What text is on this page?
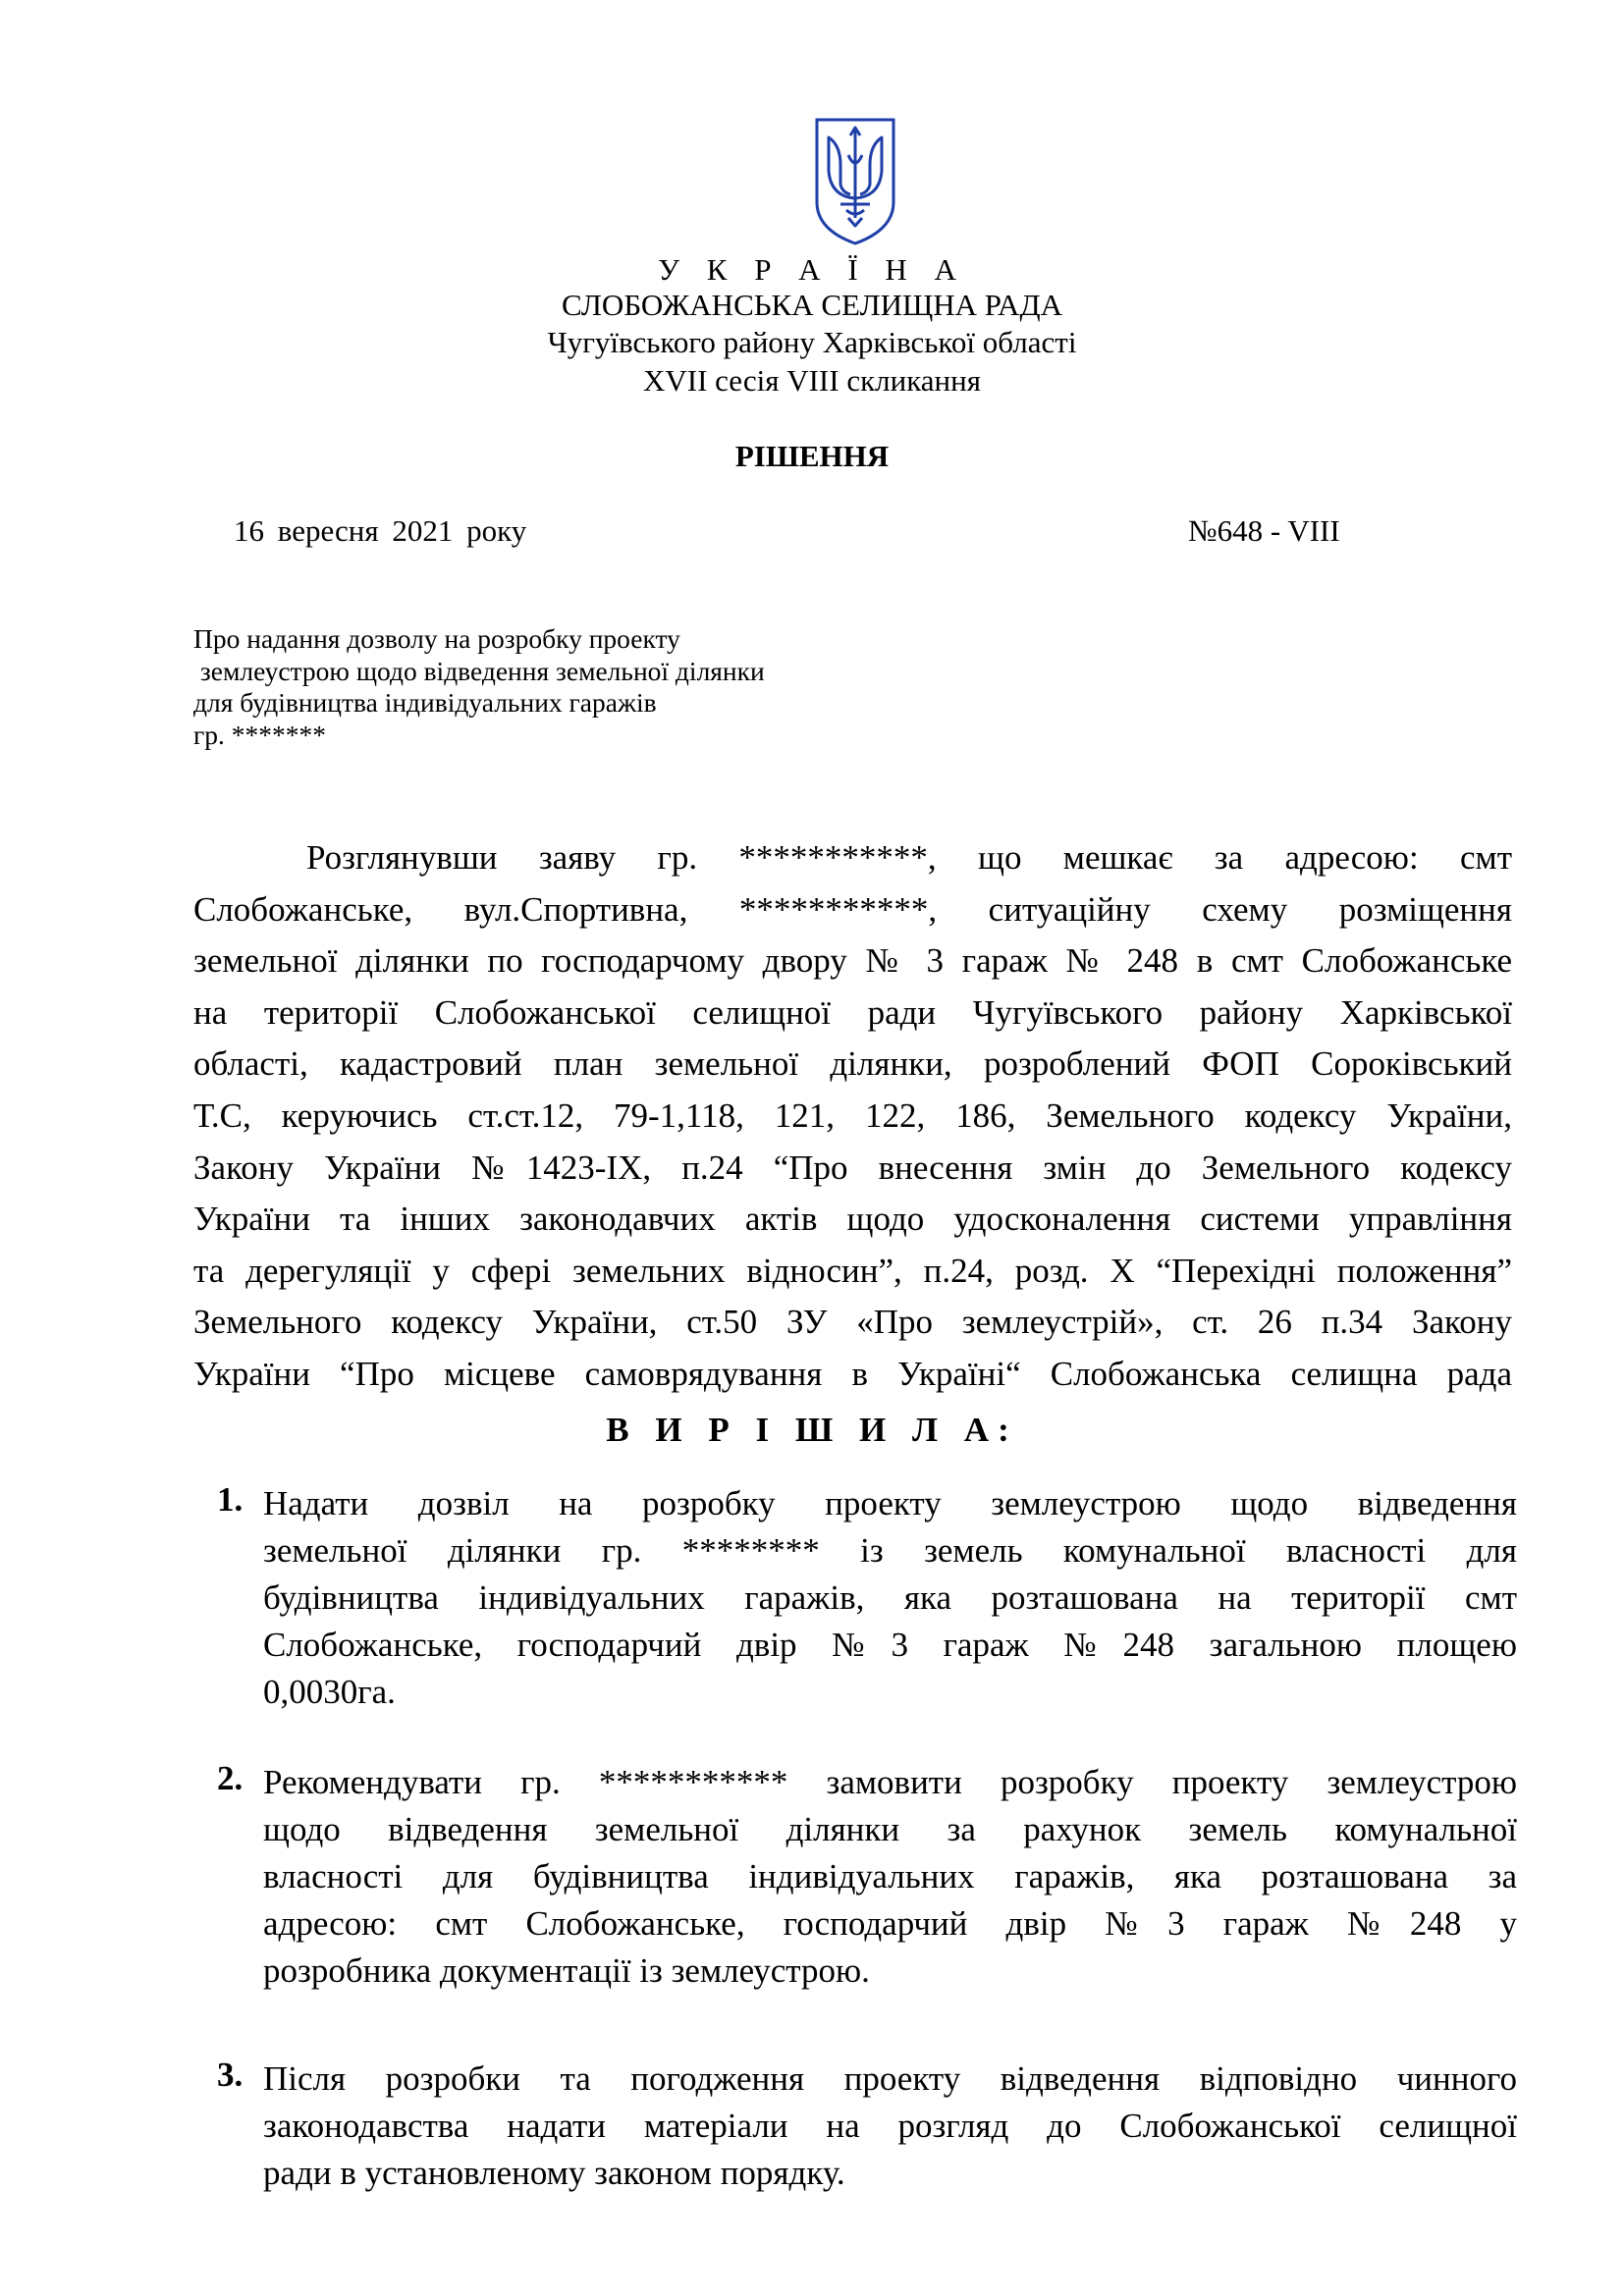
У К Р А Ї Н А
СЛОБОЖАНСЬКА СЕЛИЩНА РАДА
Чугуївського району Харківської області
XVII сесія VIII скликання
РІШЕННЯ
16 вересня 2021 року	№648 - VIII
Про надання дозволу на розробку проекту
землеустрою щодо відведення земельної ділянки
для будівництва індивідуальних гаражів
гр. *******
Розглянувши заяву гр. ***********, що мешкає за адресою: смт
Слобожанське, вул.Спортивна, ***********, ситуаційну схему розміщення
земельної ділянки по господарчому двору № 3 гараж № 248 в смт Слобожанське
на території Слобожанської селищної ради Чугуївського району Харківської
області, кадастровий план земельної ділянки, розроблений ФОП Сороківський
Т.С, керуючись ст.ст.12, 79-1,118, 121, 122, 186, Земельного кодексу України,
Закону України №1423-IX, п.24 “Про внесення змін до Земельного кодексу
України та інших законодавчих актів щодо удосконалення системи управління
та дерегуляції у сфері земельних відносин”, п.24, розд. X “Перехідні положення”
Земельного кодексу України, ст.50 ЗУ «Про землеустрій», ст. 26 п.34 Закону
України “Про місцеве самоврядування в Україні“ Слобожанська селищна рада
В И Р І Ш И Л А:
1. Надати дозвіл на розробку проекту землеустрою щодо відведення
земельної ділянки гр. ******** із земель комунальної власності для
будівництва індивідуальних гаражів, яка розташована на території смт
Слобожанське, господарчий двір №3 гараж №248 загальною площею
0,0030га.
2. Рекомендувати гр. *********** замовити розробку проекту землеустрою
щодо відведення земельної ділянки за рахунок земель комунальної
власності для будівництва індивідуальних гаражів, яка розташована за
адресою: смт Слобожанське, господарчий двір №3 гараж №248 у
розробника документації із землеустрою.
3. Після розробки та погодження проекту відведення відповідно чинного
законодавства надати матеріали на розгляд до Слобожанської селищної
ради в установленому законом порядку.
